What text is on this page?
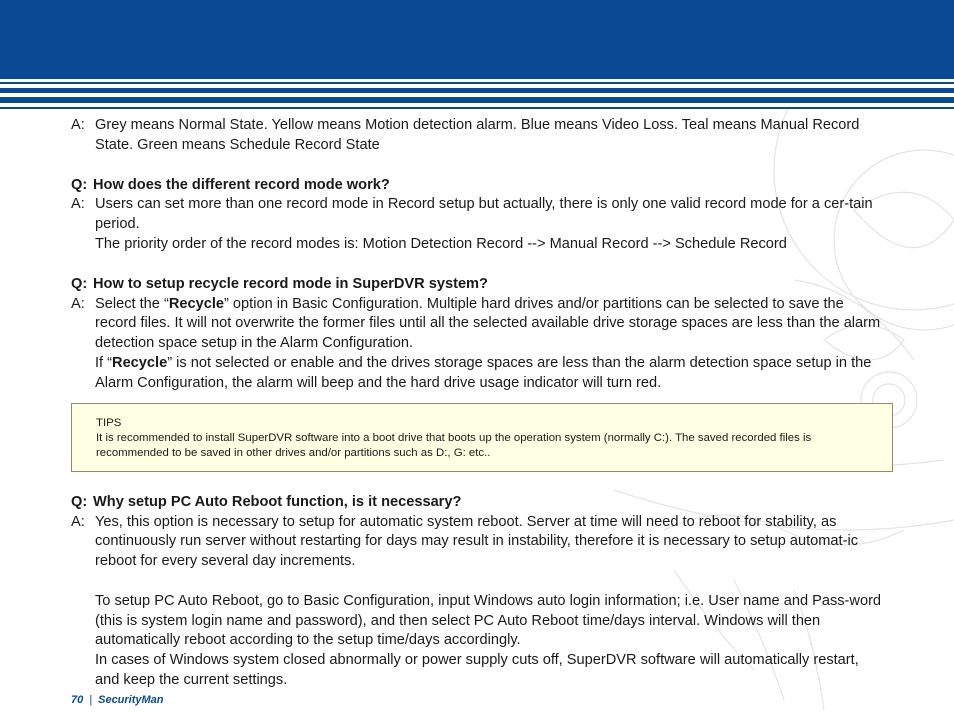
A: Grey means Normal State. Yellow means Motion detection alarm. Blue means Video Loss. Teal means Manual Record State. Green means Schedule Record State

Q: How does the different record mode work?

A: Users can set more than one record mode in Record setup but actually, there is only one valid record mode for a cer-tain period.

The priority order of the record modes is: Motion Detection Record --> Manual Record --> Schedule Record

Q: How to setup recycle record mode in SuperDVR system?

A: Select the “Recycle” option in Basic Configuration. Multiple hard drives and/or partitions can be selected to save the record files. It will not overwrite the former files until all the selected available drive storage spaces are less than the alarm detection space setup in the Alarm Configuration.

If “Recycle” is not selected or enable and the drives storage spaces are less than the alarm detection space setup in the Alarm Configuration, the alarm will beep and the hard drive usage indicator will turn red.

TIPS

It is recommended to install SuperDVR software into a boot drive that boots up the operation system (normally C:). The saved recorded files is recommended to be saved in other drives and/or partitions such as D:, G: etc..

Q: Why setup PC Auto Reboot function, is it necessary?

A: Yes, this option is necessary to setup for automatic system reboot. Server at time will need to reboot for stability, as continuously run server without restarting for days may result in instability, therefore it is necessary to setup automat-ic reboot for every several day increments.

To setup PC Auto Reboot, go to Basic Configuration, input Windows auto login information; i.e. User name and Pass-word (this is system login name and password), and then select PC Auto Reboot time/days interval. Windows will then automatically reboot according to the setup time/days accordingly.

In cases of Windows system closed abnormally or power supply cuts off, SuperDVR software will automatically restart, and keep the current settings.

70 | SecurityMan
